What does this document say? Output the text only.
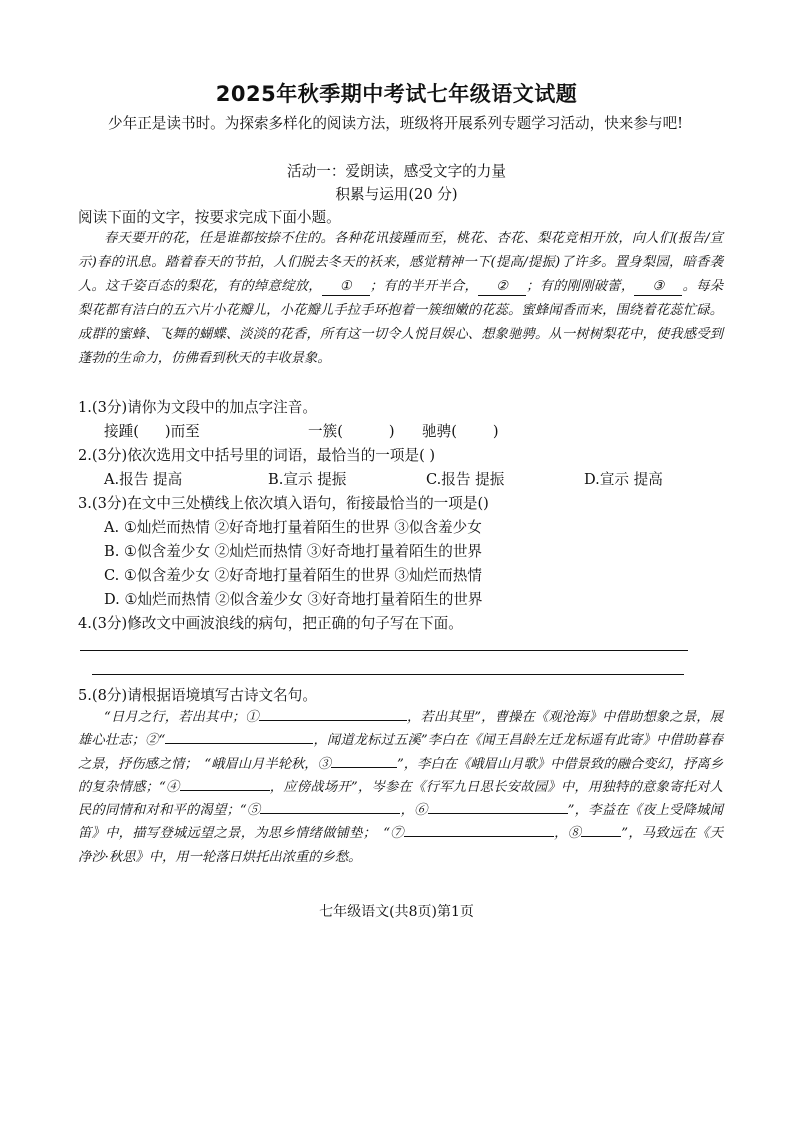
2025年秋季期中考试七年级语文试题
少年正是读书时。为探索多样化的阅读方法，班级将开展系列专题学习活动，快来参与吧!
活动一：爱朗读，感受文字的力量
积累与运用(20 分)
阅读下面的文字，按要求完成下面小题。
春天要开的花，任是谁都按捺不住的。各种花讯接踵而至，桃花、杏花、梨花竞相开放，向人们(报告/宣示)春的讯息。踏着春天的节拍，人们脱去冬天的袄来，感觉精神一下(提高/提振)了许多。置身梨园，暗香袭人。这千姿百态的梨花，有的绰意绽放， ① ；有的半开半合， ② ；有的刚刚破蕾， ③ 。每朵梨花都有洁白的五六片小花瓣儿，小花瓣儿手拉手环抱着一簇细嫩的花蕊。蜜蜂闻香而来，围绕着花蕊忙碌。成群的蜜蜂、飞舞的蝴蝶、淡淡的花香，所有这一切令人悦目娱心、想象驰骋。从一树树梨花中，使我感受到蓬勃的生命力，仿佛看到秋天的丰收景象。
1.(3分)请你为文段中的加点字注音。
接踵( )而至	一簇(	) 驰骋( )
2.(3分)依次选用文中括号里的词语，最恰当的一项是( )
A.报告 提高	B.宣示 提振	C.报告 提振	D.宣示 提高
3.(3分)在文中三处横线上依次填入语句，衔接最恰当的一项是()
A. ①灿烂而热情 ②好奇地打量着陌生的世界 ③似含羞少女
B. ①似含羞少女 ②灿烂而热情 ③好奇地打量着陌生的世界
C. ①似含羞少女 ②好奇地打量着陌生的世界 ③灿烂而热情
D. ①灿烂而热情 ②似含羞少女 ③好奇地打量着陌生的世界
4.(3分)修改文中画波浪线的病句，把正确的句子写在下面。
5.(8分)请根据语境填写古诗文名句。
“日月之行，若出其中；①	，若出其里”，曹操在《观沧海》中借助想象之景，展雄心壮志；②“	，闻道龙标过五溪”李白在《闻王昌龄左迁龙标遥有此寄》中借助暮春之景，抒伤感之情；　“峨眉山月半轮秋，③	”，李白在《峨眉山月歌》中借景致的融合变幻，抒离乡的复杂情感；“④	，应傍战场开”，岑参在《行军九日思长安故园》中，用独特的意象寄托对人民的同情和对和平的渴望；“⑤	，⑥	”，李益在《夜上受降城闻笛》中，描写登城远望之景，为思乡情绪做铺垫；　“⑦	，⑧	”，马致远在《天净沙·秋思》中，用一轮落日烘托出浓重的乡愁。
七年级语文(共8页)第1页
